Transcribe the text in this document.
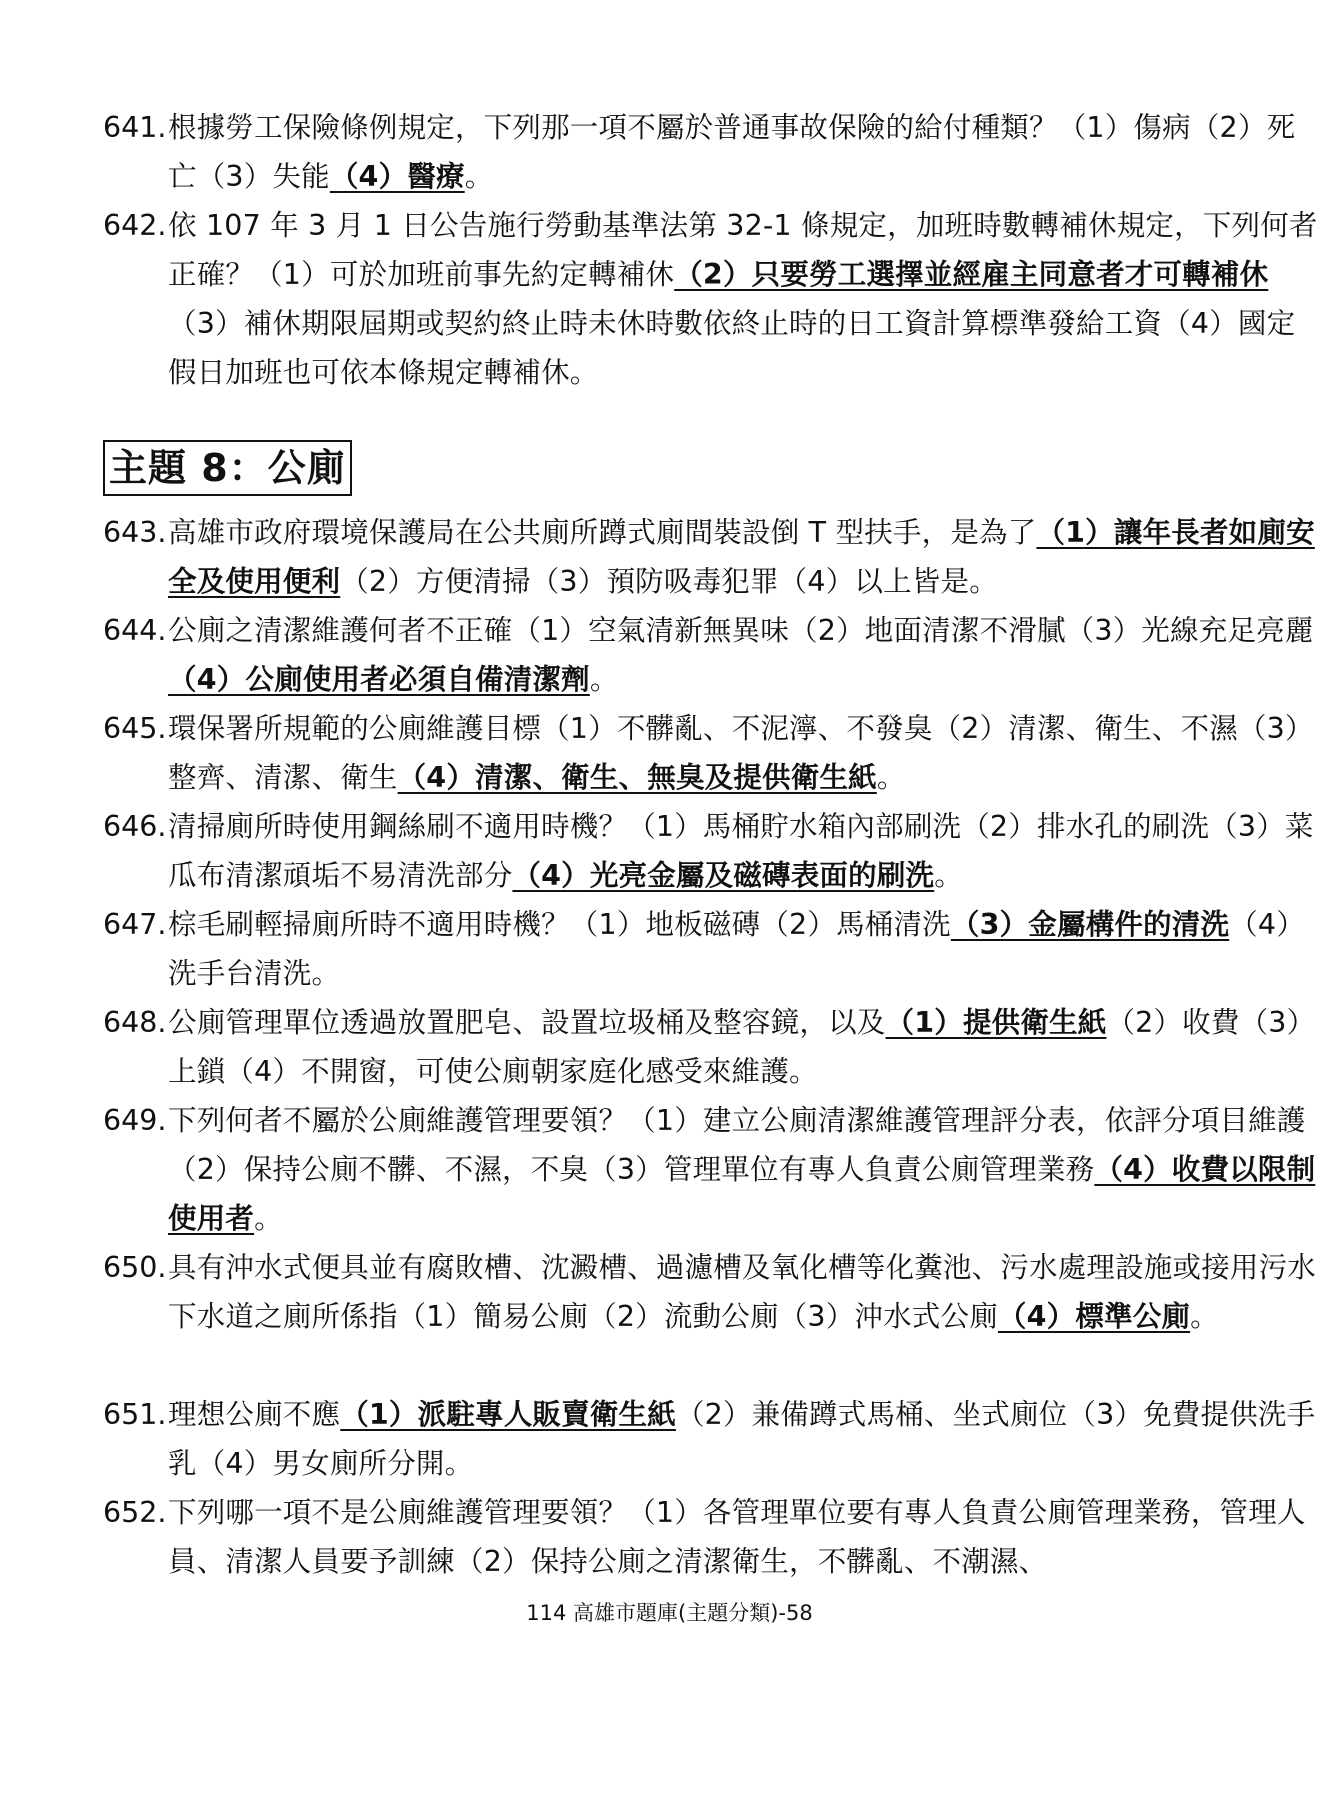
641.根據勞工保險條例規定，下列那一項不屬於普通事故保險的給付種類？（1）傷病（2）死亡（3）失能（4）醫療。
642.依 107 年 3 月 1 日公告施行勞動基準法第 32-1 條規定，加班時數轉補休規定，下列何者正確？（1）可於加班前事先約定轉補休（2）只要勞工選擇並經雇主同意者才可轉補休（3）補休期限屆期或契約終止時未休時數依終止時的日工資計算標準發給工資（4）國定假日加班也可依本條規定轉補休。
主題 8：公廁
643.高雄市政府環境保護局在公共廁所蹲式廁間裝設倒 T 型扶手，是為了（1）讓年長者如廁安全及使用便利（2）方便清掃（3）預防吸毒犯罪（4）以上皆是。
644.公廁之清潔維護何者不正確（1）空氣清新無異味（2）地面清潔不滑膩（3）光線充足亮麗（4）公廁使用者必須自備清潔劑。
645.環保署所規範的公廁維護目標（1）不髒亂、不泥濘、不發臭（2）清潔、衛生、不濕（3）整齊、清潔、衛生（4）清潔、衛生、無臭及提供衛生紙。
646.清掃廁所時使用鋼絲刷不適用時機？（1）馬桶貯水箱內部刷洗（2）排水孔的刷洗（3）菜瓜布清潔頑垢不易清洗部分（4）光亮金屬及磁磚表面的刷洗。
647.棕毛刷輕掃廁所時不適用時機？（1）地板磁磚（2）馬桶清洗（3）金屬構件的清洗（4）洗手台清洗。
648.公廁管理單位透過放置肥皂、設置垃圾桶及整容鏡，以及（1）提供衛生紙（2）收費（3）上鎖（4）不開窗，可使公廁朝家庭化感受來維護。
649.下列何者不屬於公廁維護管理要領？（1）建立公廁清潔維護管理評分表，依評分項目維護（2）保持公廁不髒、不濕，不臭（3）管理單位有專人負責公廁管理業務（4）收費以限制使用者。
650.具有沖水式便具並有腐敗槽、沈澱槽、過濾槽及氧化槽等化糞池、污水處理設施或接用污水下水道之廁所係指（1）簡易公廁（2）流動公廁（3）沖水式公廁（4）標準公廁。
651.理想公廁不應（1）派駐專人販賣衛生紙（2）兼備蹲式馬桶、坐式廁位（3）免費提供洗手乳（4）男女廁所分開。
652.下列哪一項不是公廁維護管理要領？（1）各管理單位要有專人負責公廁管理業務，管理人員、清潔人員要予訓練（2）保持公廁之清潔衛生，不髒亂、不潮濕、
114 高雄市題庫(主題分類)-58
